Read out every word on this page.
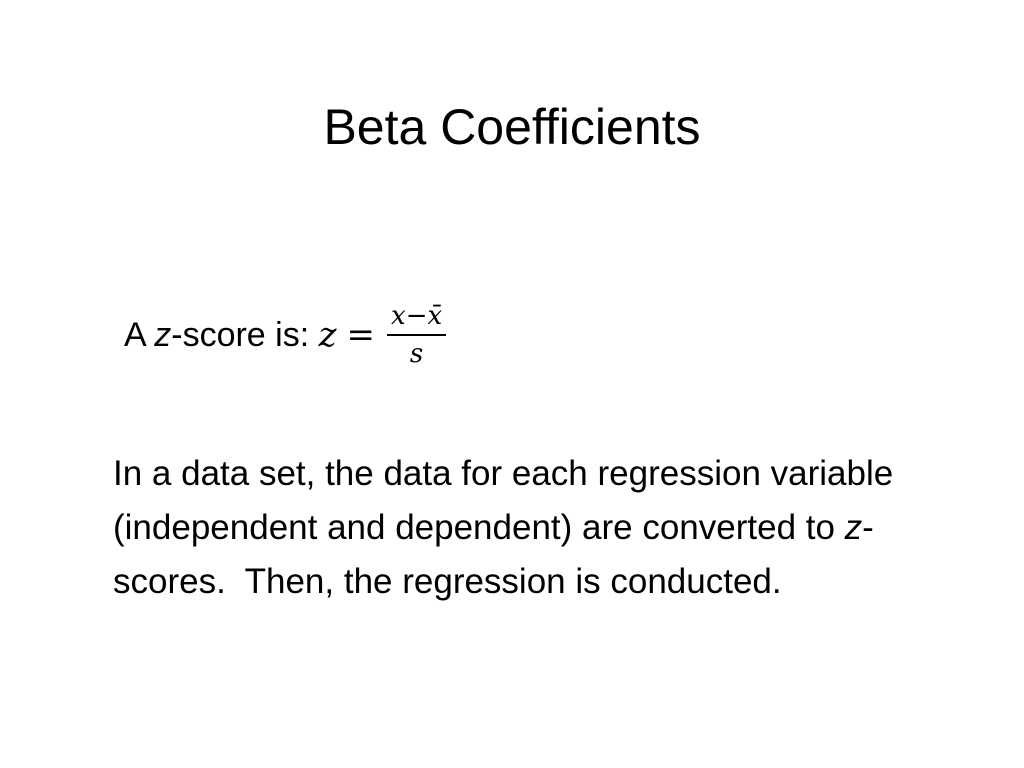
Beta Coefficients
A z -score is: $z = \frac{x-x̄}{s}$
In a data set, the data for each regression variable (independent and dependent) are converted to z-scores.  Then, the regression is conducted.
